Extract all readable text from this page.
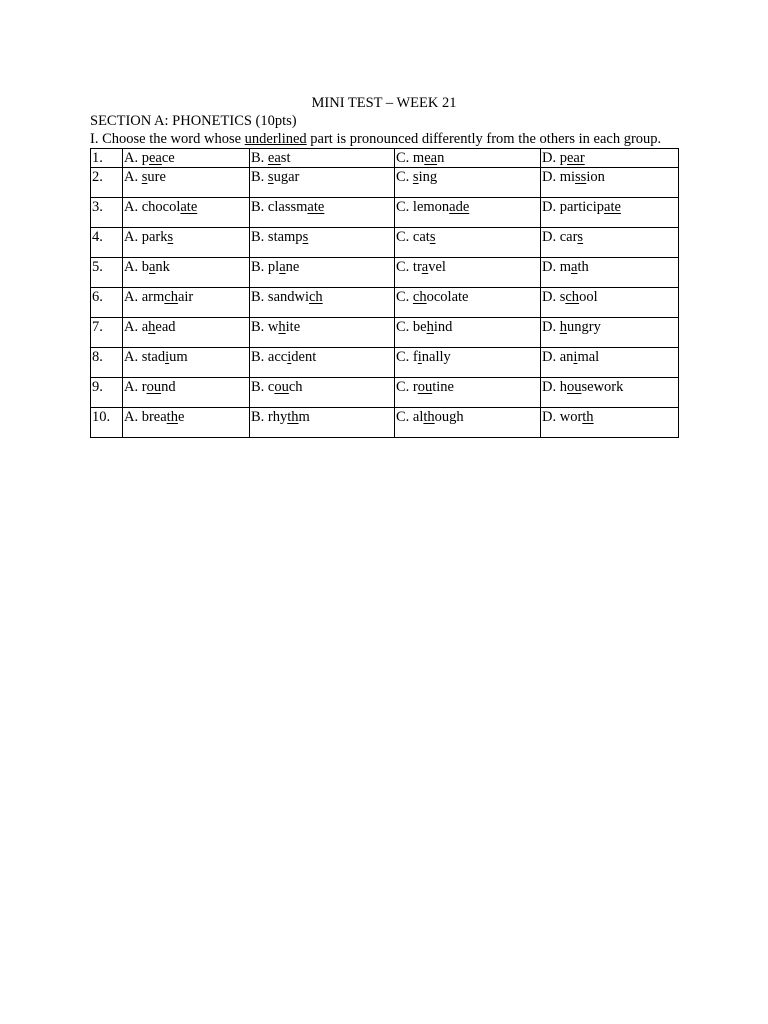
MINI TEST – WEEK 21
SECTION A: PHONETICS (10pts)
I. Choose the word whose underlined part is pronounced differently from the others in each group.
1.	A. peace	B. east	C. mean	D. pear
2.	A. sure	B. sugar	C. sing	D. mission
3.	A. chocolate	B. classmate	C. lemonade	D. participate
4.	A. parks	B. stamps	C. cats	D. cars
5.	A. bank	B. plane	C. travel	D. math
6.	A. armchair	B. sandwich	C. chocolate	D. school
7.	A. ahead	B. white	C. behind	D. hungry
8.	A. stadium	B. accident	C. finally	D. animal
9.	A. round	B. couch	C. routine	D. housework
10.	A. breathe	B. rhythm	C. although	D. worth
